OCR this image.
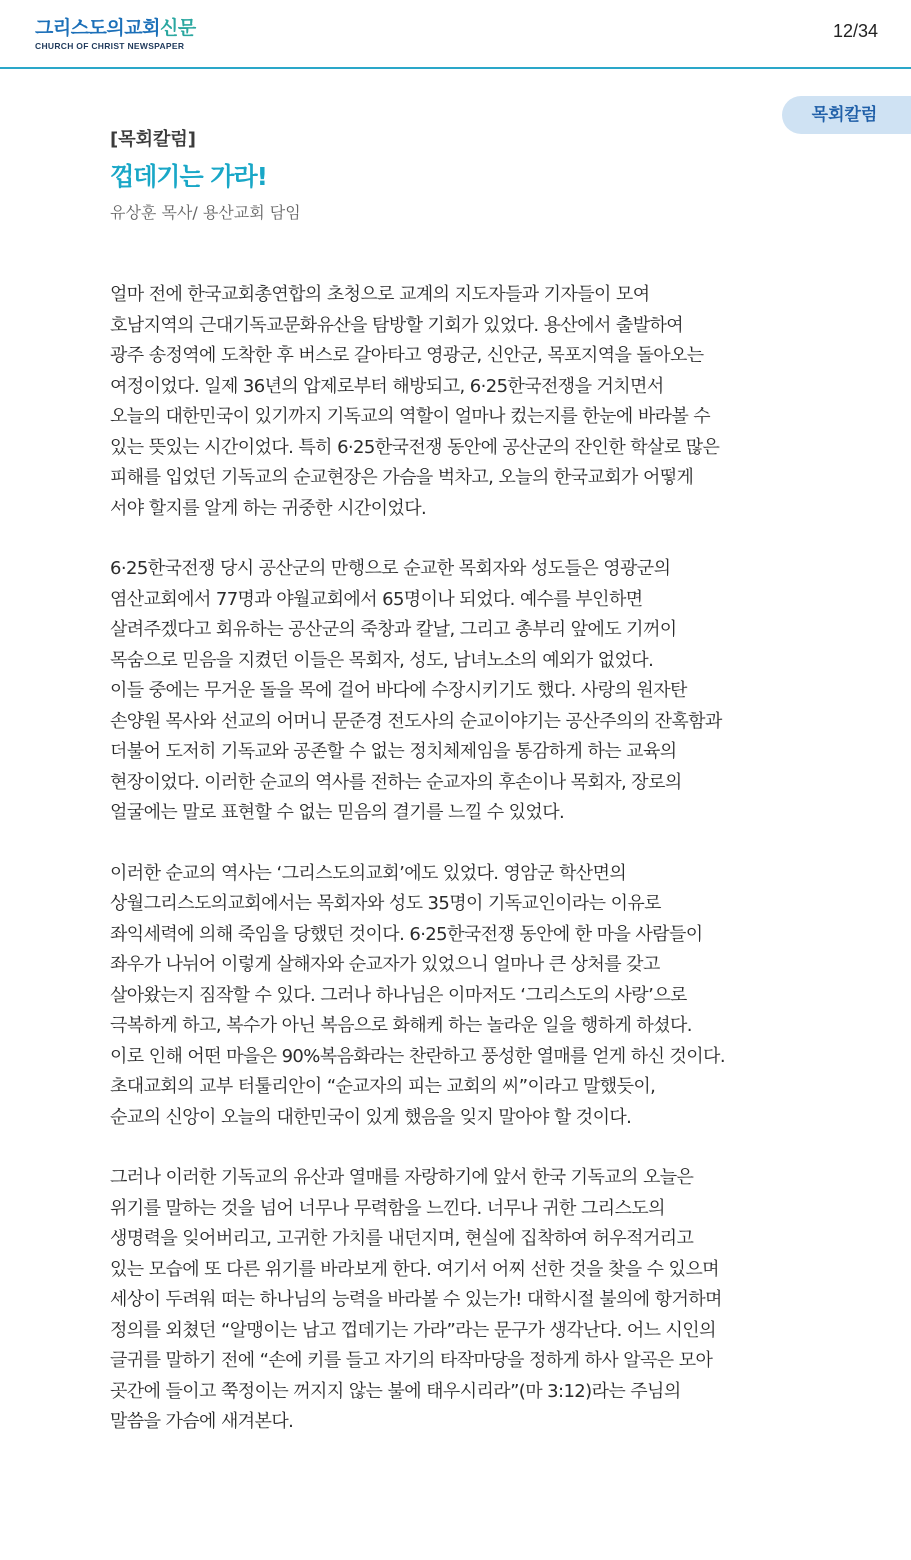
그리스도의교회신문
CHURCH OF CHRIST NEWSPAPER
12/34
목회칼럼
[목회칼럼]
껍데기는 가라!
유상훈 목사/ 용산교회 담임

얼마 전에 한국교회총연합의 초청으로 교계의 지도자들과 기자들이 모여
호남지역의 근대기독교문화유산을 탐방할 기회가 있었다. 용산에서 출발하여
광주 송정역에 도착한 후 버스로 갈아타고 영광군, 신안군, 목포지역을 돌아오는
여정이었다. 일제 36년의 압제로부터 해방되고, 6·25한국전쟁을 거치면서
오늘의 대한민국이 있기까지 기독교의 역할이 얼마나 컸는지를 한눈에 바라볼 수
있는 뜻있는 시간이었다. 특히 6·25한국전쟁 동안에 공산군의 잔인한 학살로 많은
피해를 입었던 기독교의 순교현장은 가슴을 벅차고, 오늘의 한국교회가 어떻게
서야 할지를 알게 하는 귀중한 시간이었다.

6·25한국전쟁 당시 공산군의 만행으로 순교한 목회자와 성도들은 영광군의
염산교회에서 77명과 야월교회에서 65명이나 되었다. 예수를 부인하면
살려주겠다고 회유하는 공산군의 죽창과 칼날, 그리고 총부리 앞에도 기꺼이
목숨으로 믿음을 지켰던 이들은 목회자, 성도, 남녀노소의 예외가 없었다.
이들 중에는 무거운 돌을 목에 걸어 바다에 수장시키기도 했다. 사랑의 원자탄
손양원 목사와 선교의 어머니 문준경 전도사의 순교이야기는 공산주의의 잔혹함과
더불어 도저히 기독교와 공존할 수 없는 정치체제임을 통감하게 하는 교육의
현장이었다. 이러한 순교의 역사를 전하는 순교자의 후손이나 목회자, 장로의
얼굴에는 말로 표현할 수 없는 믿음의 결기를 느낄 수 있었다.

이러한 순교의 역사는 ‘그리스도의교회’에도 있었다. 영암군 학산면의
상월그리스도의교회에서는 목회자와 성도 35명이 기독교인이라는 이유로
좌익세력에 의해 죽임을 당했던 것이다. 6·25한국전쟁 동안에 한 마을 사람들이
좌우가 나뉘어 이렇게 살해자와 순교자가 있었으니 얼마나 큰 상처를 갖고
살아왔는지 짐작할 수 있다. 그러나 하나님은 이마저도 ‘그리스도의 사랑’으로
극복하게 하고, 복수가 아닌 복음으로 화해케 하는 놀라운 일을 행하게 하셨다.
이로 인해 어떤 마을은 90%복음화라는 찬란하고 풍성한 열매를 얻게 하신 것이다.
초대교회의 교부 터툴리안이 “순교자의 피는 교회의 씨”이라고 말했듯이,
순교의 신앙이 오늘의 대한민국이 있게 했음을 잊지 말아야 할 것이다.

그러나 이러한 기독교의 유산과 열매를 자랑하기에 앞서 한국 기독교의 오늘은
위기를 말하는 것을 넘어 너무나 무력함을 느낀다. 너무나 귀한 그리스도의
생명력을 잊어버리고, 고귀한 가치를 내던지며, 현실에 집착하여 허우적거리고
있는 모습에 또 다른 위기를 바라보게 한다. 여기서 어찌 선한 것을 찾을 수 있으며
세상이 두려워 떠는 하나님의 능력을 바라볼 수 있는가! 대학시절 불의에 항거하며
정의를 외쳤던 “알맹이는 남고 껍데기는 가라”라는 문구가 생각난다. 어느 시인의
글귀를 말하기 전에 “손에 키를 들고 자기의 타작마당을 정하게 하사 알곡은 모아
곳간에 들이고 쭉정이는 꺼지지 않는 불에 태우시리라”(마 3:12)라는 주님의
말씀을 가슴에 새겨본다.
